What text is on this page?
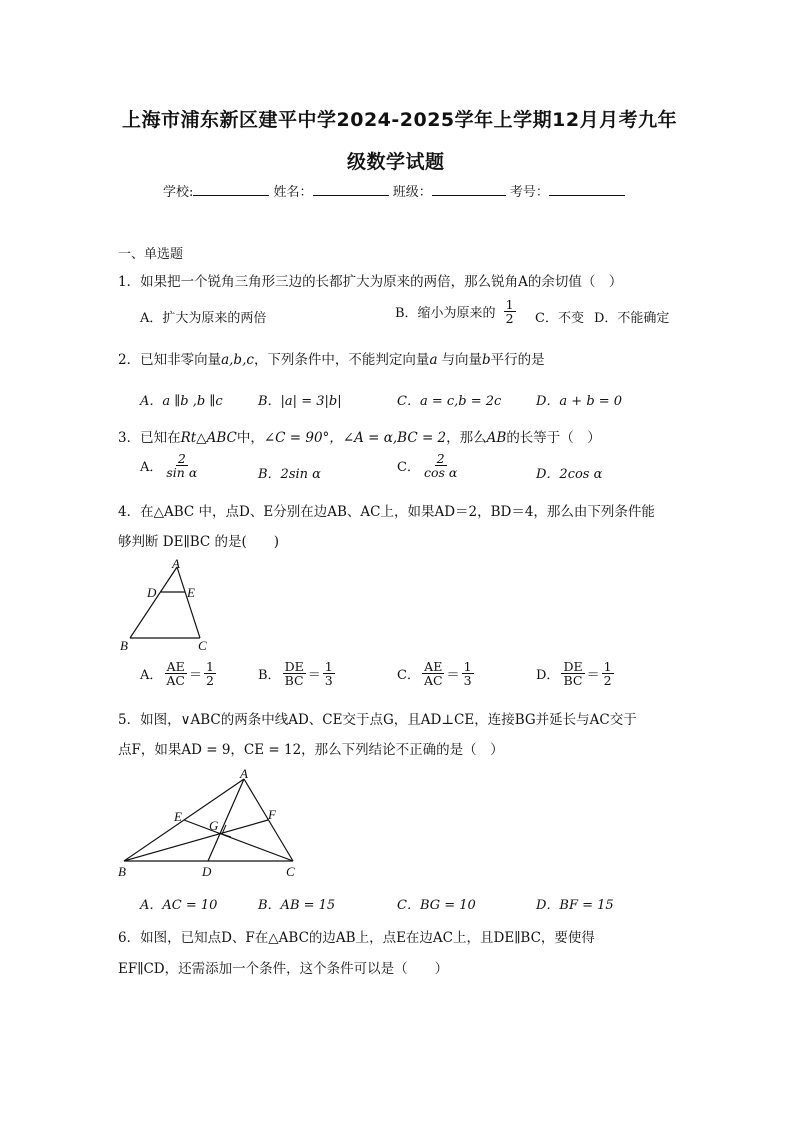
上海市浦东新区建平中学2024-2025学年上学期12月月考九年
级数学试题
学校:	姓名：	班级：	考号：
一、单选题
1．如果把一个锐角三角形三边的长都扩大为原来的两倍，那么锐角A的余切值（　）
A．扩大为原来的两倍	B．缩小为原来的 $\frac{1}{2}$ C．不变 D．不能确定
2．已知非零向量a,b,c，下列条件中，不能判定向量a 与向量b平行的是
A．a ∥b ,b ∥c	B．|a| = 3|b|	C．a = c,b = 2c	D．a + b = 0
3．已知在Rt△ABC中，∠C = 90°，∠A = α,BC = 2，那么AB的长等于（　）
A． $\frac{2}{\text{sin α}}$	B．2sin α	C． $\frac{2}{\text{cos α}}$	D．2cos α
4．在△ABC 中，点D、E分别在边AB、AC上，如果AD＝2，BD＝4，那么由下列条件能
够判断 DE∥BC 的是(　　)
A
D E
B	C
A． $\frac{AE}{AC} = \frac{1}{2}$	B． $\frac{DE}{BC} = \frac{1}{3}$	C． $\frac{AE}{AC} = \frac{1}{3}$	D． $\frac{DE}{BC} = \frac{1}{2}$
5．如图，∨ABC的两条中线AD、CE交于点G，且AD⊥CE，连接BG并延长与AC交于
点F，如果AD = 9，CE = 12，那么下列结论不正确的是（　）
A
E	F
G
B	D	C
A．AC = 10	B．AB = 15	C．BG = 10	D．BF = 15
6．如图，已知点D、F在△ABC的边AB上，点E在边AC上，且DE∥BC，要使得
EF∥CD，还需添加一个条件，这个条件可以是（　　）
